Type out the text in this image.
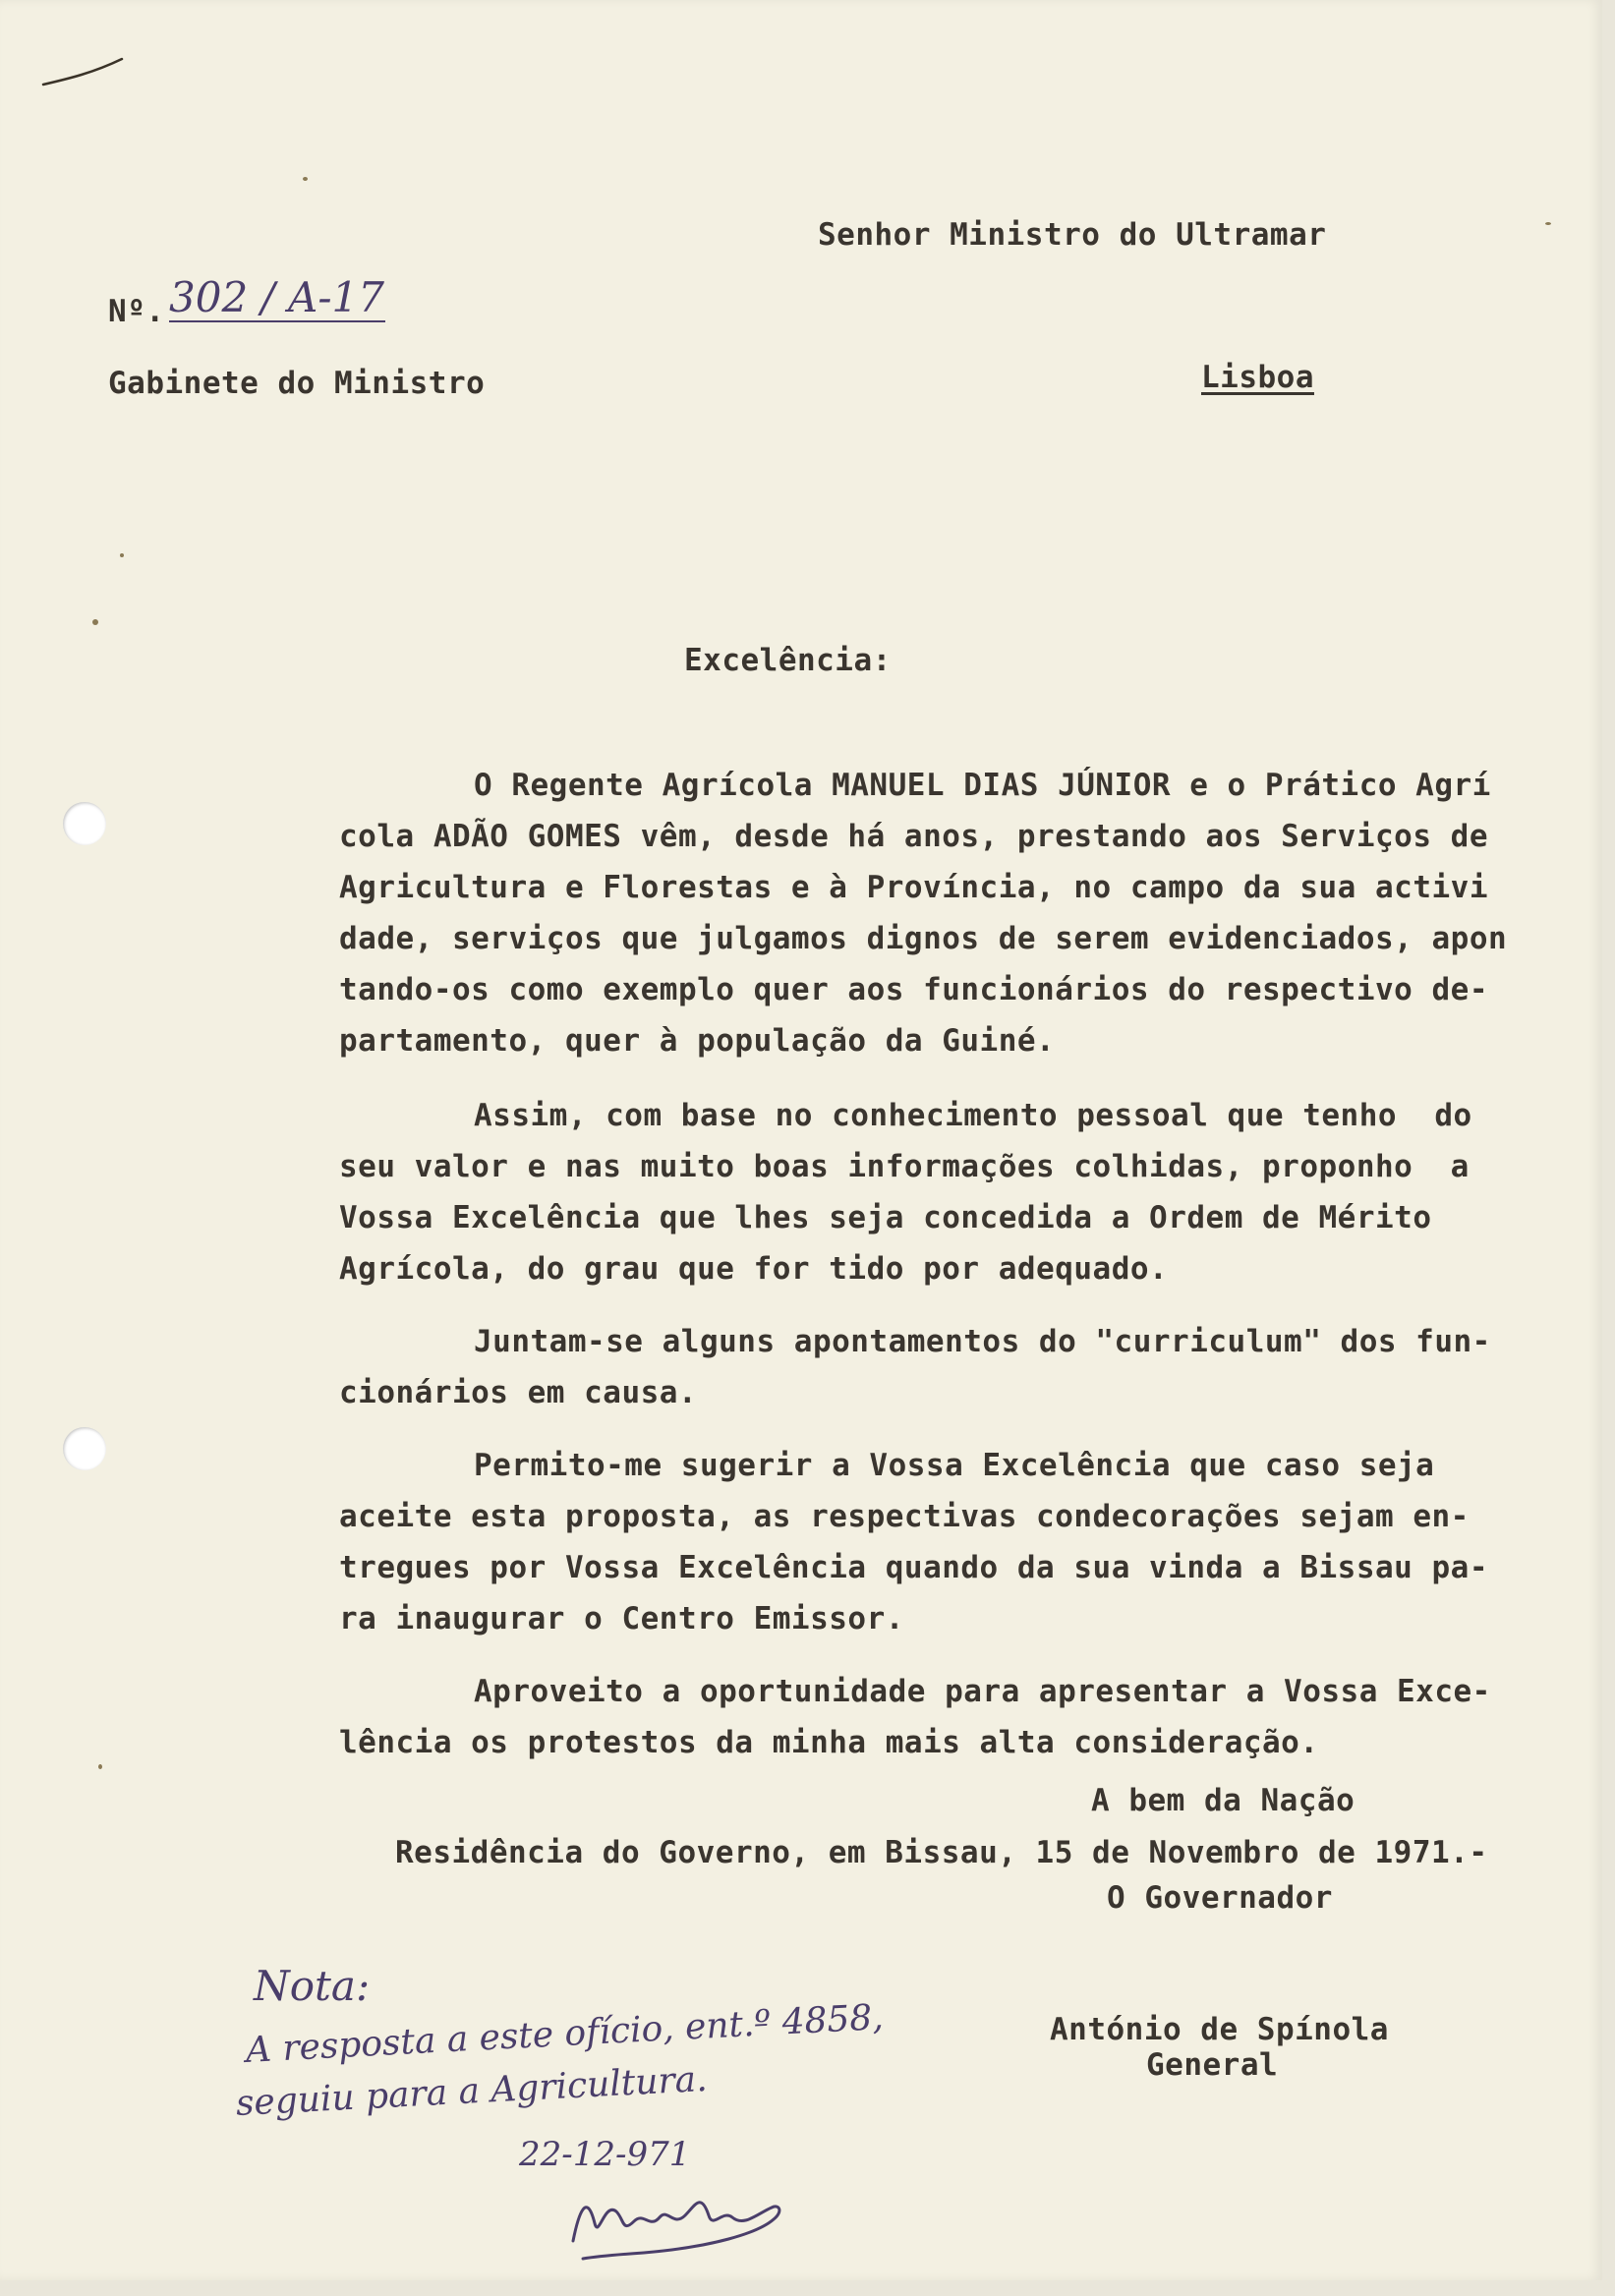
Senhor Ministro do Ultramar
Nº. 302 / A-17
Gabinete do Ministro	Lisboa
Excelência:
O Regente Agrícola MANUEL DIAS JÚNIOR e o Prático Agrí
cola ADÃO GOMES vêm, desde há anos, prestando aos Serviços de
Agricultura e Florestas e à Província, no campo da sua activi
dade, serviços que julgamos dignos de serem evidenciados, apon
tando-os como exemplo quer aos funcionários do respectivo de-
partamento, quer à população da Guiné.
Assim, com base no conhecimento pessoal que tenho  do
seu valor e nas muito boas informações colhidas, proponho  a
Vossa Excelência que lhes seja concedida a Ordem de Mérito
Agrícola, do grau que for tido por adequado.
Juntam-se alguns apontamentos do "curriculum" dos fun-
cionários em causa.
Permito-me sugerir a Vossa Excelência que caso seja
aceite esta proposta, as respectivas condecorações sejam en-
tregues por Vossa Excelência quando da sua vinda a Bissau pa-
ra inaugurar o Centro Emissor.
Aproveito a oportunidade para apresentar a Vossa Exce-
lência os protestos da minha mais alta consideração.
A bem da Nação
Residência do Governo, em Bissau, 15 de Novembro de 1971.-
O Governador
António de Spínola
General
Nota:
A resposta a este ofício, ent.º 4858,
seguiu para a Agricultura.
22-12-971
